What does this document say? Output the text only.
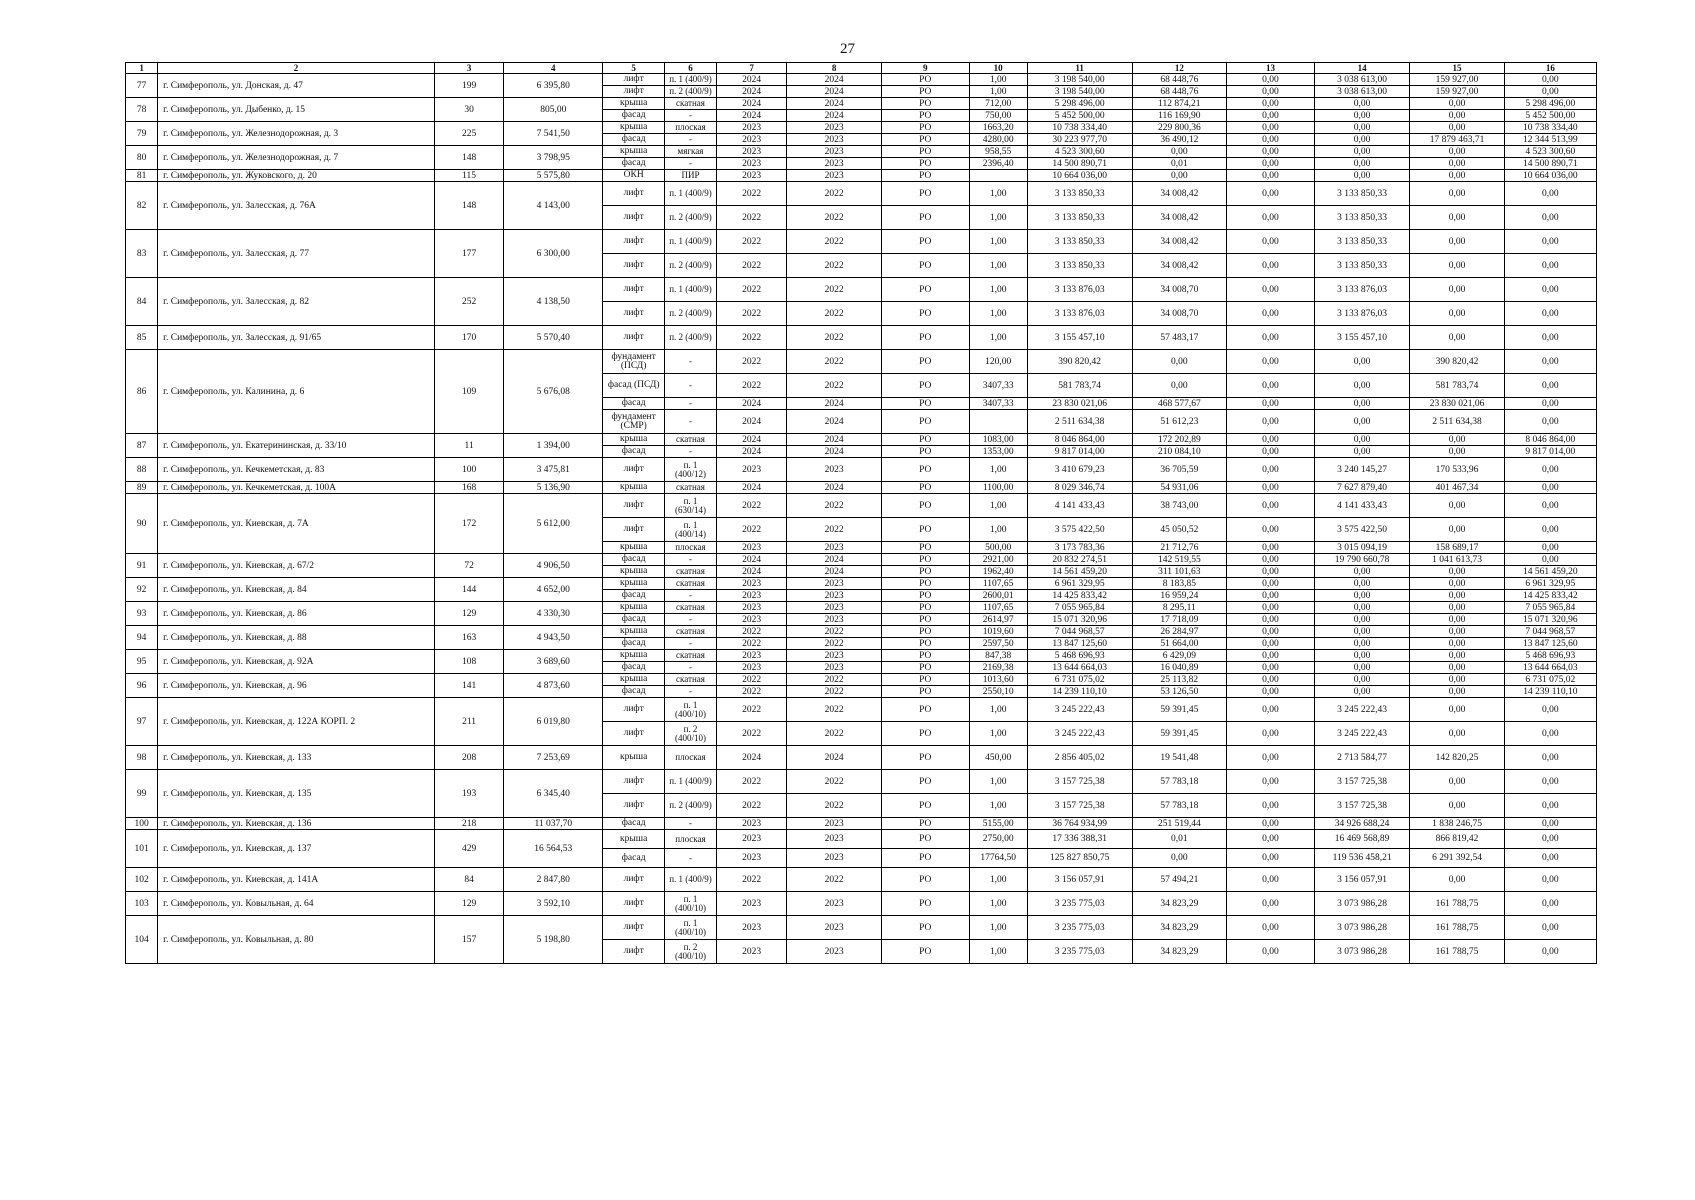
27
1	2	3	4	5	6	7	8	9	10	11	12	13	14	15	16
77	г. Симферополь, ул. Донская, д. 47	199	6 395,80	лифт	п. 1 (400/9)	2024	2024	РО	1,00	3 198 540,00	68 448,76	0,00	3 038 613,00	159 927,00	0,00
				лифт	п. 2 (400/9)	2024	2024	РО	1,00	3 198 540,00	68 448,76	0,00	3 038 613,00	159 927,00	0,00
78	г. Симферополь, ул. Дыбенко, д. 15	30	805,00	крыша	скатная	2024	2024	РО	712,00	5 298 496,00	112 874,21	0,00	0,00	0,00	5 298 496,00
				фасад	-	2024	2024	РО	750,00	5 452 500,00	116 169,90	0,00	0,00	0,00	5 452 500,00
79	г. Симферополь, ул. Железнодорожная, д. 3	225	7 541,50	крыша	плоская	2023	2023	РО	1663,20	10 738 334,40	229 800,36	0,00	0,00	0,00	10 738 334,40
				фасад	-	2023	2023	РО	4280,00	30 223 977,70	36 490,12	0,00	0,00	17 879 463,71	12 344 513,99
80	г. Симферополь, ул. Железнодорожная, д. 7	148	3 798,95	крыша	мягкая	2023	2023	РО	958,55	4 523 300,60	0,00	0,00	0,00	0,00	4 523 300,60
				фасад	-	2023	2023	РО	2396,40	14 500 890,71	0,01	0,00	0,00	0,00	14 500 890,71
81	г. Симферополь, ул. Жуковского, д. 20	115	5 575,80	ОКН	ПИР	2023	2023	РО		10 664 036,00	0,00	0,00	0,00	0,00	10 664 036,00
82	г. Симферополь, ул. Залесская, д. 76А	148	4 143,00	лифт	п. 1 (400/9)	2022	2022	РО	1,00	3 133 850,33	34 008,42	0,00	3 133 850,33	0,00	0,00
				лифт	п. 2 (400/9)	2022	2022	РО	1,00	3 133 850,33	34 008,42	0,00	3 133 850,33	0,00	0,00
83	г. Симферополь, ул. Залесская, д. 77	177	6 300,00	лифт	п. 1 (400/9)	2022	2022	РО	1,00	3 133 850,33	34 008,42	0,00	3 133 850,33	0,00	0,00
				лифт	п. 2 (400/9)	2022	2022	РО	1,00	3 133 850,33	34 008,42	0,00	3 133 850,33	0,00	0,00
84	г. Симферополь, ул. Залесская, д. 82	252	4 138,50	лифт	п. 1 (400/9)	2022	2022	РО	1,00	3 133 876,03	34 008,70	0,00	3 133 876,03	0,00	0,00
				лифт	п. 2 (400/9)	2022	2022	РО	1,00	3 133 876,03	34 008,70	0,00	3 133 876,03	0,00	0,00
85	г. Симферополь, ул. Залесская, д. 91/65	170	5 570,40	лифт	п. 2 (400/9)	2022	2022	РО	1,00	3 155 457,10	57 483,17	0,00	3 155 457,10	0,00	0,00
86	г. Симферополь, ул. Калинина, д. 6	109	5 676,08	фундамент (ПСД)	-	2022	2022	РО	120,00	390 820,42	0,00	0,00	0,00	390 820,42	0,00
				фасад (ПСД)	-	2022	2022	РО	3407,33	581 783,74	0,00	0,00	0,00	581 783,74	0,00
				фасад	-	2024	2024	РО	3407,33	23 830 021,06	468 577,67	0,00	0,00	23 830 021,06	0,00
				фундамент (СМР)	-	2024	2024	РО		2 511 634,38	51 612,23	0,00	0,00	2 511 634,38	0,00
87	г. Симферополь, ул. Екатерининская, д. 33/10	11	1 394,00	крыша	скатная	2024	2024	РО	1083,00	8 046 864,00	172 202,89	0,00	0,00	0,00	8 046 864,00
				фасад	-	2024	2024	РО	1353,00	9 817 014,00	210 084,10	0,00	0,00	0,00	9 817 014,00
88	г. Симферополь, ул. Кечкеметская, д. 83	100	3 475,81	лифт	п. 1 (400/12)	2023	2023	РО	1,00	3 410 679,23	36 705,59	0,00	3 240 145,27	170 533,96	0,00
89	г. Симферополь, ул. Кечкеметская, д. 100А	168	5 136,90	крыша	скатная	2024	2024	РО	1100,00	8 029 346,74	54 931,06	0,00	7 627 879,40	401 467,34	0,00
90	г. Симферополь, ул. Киевская, д. 7А	172	5 612,00	лифт	п. 1 (630/14)	2022	2022	РО	1,00	4 141 433,43	38 743,00	0,00	4 141 433,43	0,00	0,00
				лифт	п. 1 (400/14)	2022	2022	РО	1,00	3 575 422,50	45 050,52	0,00	3 575 422,50	0,00	0,00
				крыша	плоская	2023	2023	РО	500,00	3 173 783,36	21 712,76	0,00	3 015 094,19	158 689,17	0,00
91	г. Симферополь, ул. Киевская, д. 67/2	72	4 906,50	фасад	-	2024	2024	РО	2921,00	20 832 274,51	142 519,55	0,00	19 790 660,78	1 041 613,73	0,00
				крыша	скатная	2024	2024	РО	1962,40	14 561 459,20	311 101,63	0,00	0,00	0,00	14 561 459,20
92	г. Симферополь, ул. Киевская, д. 84	144	4 652,00	крыша	скатная	2023	2023	РО	1107,65	6 961 329,95	8 183,85	0,00	0,00	0,00	6 961 329,95
				фасад	-	2023	2023	РО	2600,01	14 425 833,42	16 959,24	0,00	0,00	0,00	14 425 833,42
93	г. Симферополь, ул. Киевская, д. 86	129	4 330,30	крыша	скатная	2023	2023	РО	1107,65	7 055 965,84	8 295,11	0,00	0,00	0,00	7 055 965,84
				фасад	-	2023	2023	РО	2614,97	15 071 320,96	17 718,09	0,00	0,00	0,00	15 071 320,96
94	г. Симферополь, ул. Киевская, д. 88	163	4 943,50	крыша	скатная	2022	2022	РО	1019,60	7 044 968,57	26 284,97	0,00	0,00	0,00	7 044 968,57
				фасад	-	2022	2022	РО	2597,50	13 847 125,60	51 664,00	0,00	0,00	0,00	13 847 125,60
95	г. Симферополь, ул. Киевская, д. 92А	108	3 689,60	крыша	скатная	2023	2023	РО	847,38	5 468 696,93	6 429,09	0,00	0,00	0,00	5 468 696,93
				фасад	-	2023	2023	РО	2169,38	13 644 664,03	16 040,89	0,00	0,00	0,00	13 644 664,03
96	г. Симферополь, ул. Киевская, д. 96	141	4 873,60	крыша	скатная	2022	2022	РО	1013,60	6 731 075,02	25 113,82	0,00	0,00	0,00	6 731 075,02
				фасад	-	2022	2022	РО	2550,10	14 239 110,10	53 126,50	0,00	0,00	0,00	14 239 110,10
97	г. Симферополь, ул. Киевская, д. 122А КОРП. 2	211	6 019,80	лифт	п. 1 (400/10)	2022	2022	РО	1,00	3 245 222,43	59 391,45	0,00	3 245 222,43	0,00	0,00
				лифт	п. 2 (400/10)	2022	2022	РО	1,00	3 245 222,43	59 391,45	0,00	3 245 222,43	0,00	0,00
98	г. Симферополь, ул. Киевская, д. 133	208	7 253,69	крыша	плоская	2024	2024	РО	450,00	2 856 405,02	19 541,48	0,00	2 713 584,77	142 820,25	0,00
99	г. Симферополь, ул. Киевская, д. 135	193	6 345,40	лифт	п. 1 (400/9)	2022	2022	РО	1,00	3 157 725,38	57 783,18	0,00	3 157 725,38	0,00	0,00
				лифт	п. 2 (400/9)	2022	2022	РО	1,00	3 157 725,38	57 783,18	0,00	3 157 725,38	0,00	0,00
100	г. Симферополь, ул. Киевская, д. 136	218	11 037,70	фасад	-	2023	2023	РО	5155,00	36 764 934,99	251 519,44	0,00	34 926 688,24	1 838 246,75	0,00
101	г. Симферополь, ул. Киевская, д. 137	429	16 564,53	крыша	плоская	2023	2023	РО	2750,00	17 336 388,31	0,01	0,00	16 469 568,89	866 819,42	0,00
				фасад	-	2023	2023	РО	17764,50	125 827 850,75	0,00	0,00	119 536 458,21	6 291 392,54	0,00
102	г. Симферополь, ул. Киевская, д. 141А	84	2 847,80	лифт	п. 1 (400/9)	2022	2022	РО	1,00	3 156 057,91	57 494,21	0,00	3 156 057,91	0,00	0,00
103	г. Симферополь, ул. Ковыльная, д. 64	129	3 592,10	лифт	п. 1 (400/10)	2023	2023	РО	1,00	3 235 775,03	34 823,29	0,00	3 073 986,28	161 788,75	0,00
104	г. Симферополь, ул. Ковыльная, д. 80	157	5 198,80	лифт	п. 1 (400/10)	2023	2023	РО	1,00	3 235 775,03	34 823,29	0,00	3 073 986,28	161 788,75	0,00
				лифт	п. 2 (400/10)	2023	2023	РО	1,00	3 235 775,03	34 823,29	0,00	3 073 986,28	161 788,75	0,00
